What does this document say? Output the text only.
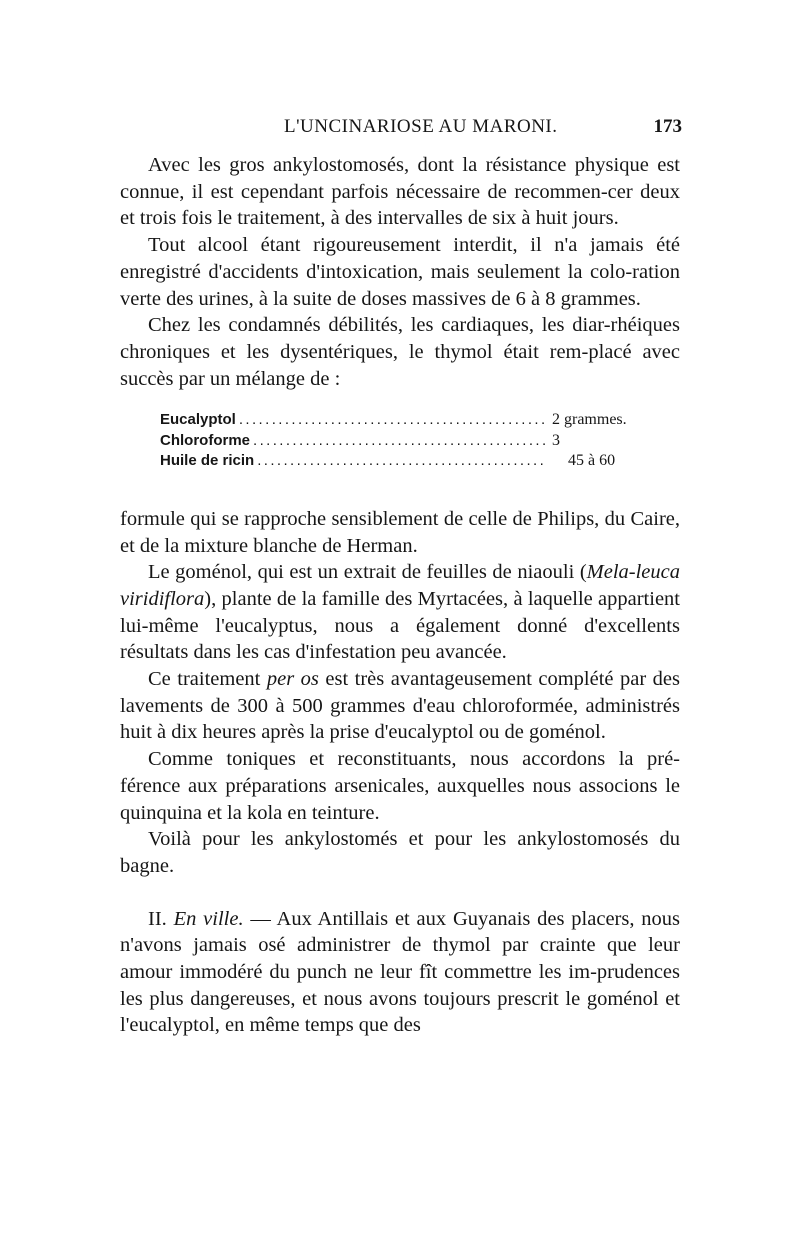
L'UNCINARIOSE AU MARONI.	173

Avec les gros ankylostomosés, dont la résistance physique est connue, il est cependant parfois nécessaire de recommen-cer deux et trois fois le traitement, à des intervalles de six à huit jours.

Tout alcool étant rigoureusement interdit, il n'a jamais été enregistré d'accidents d'intoxication, mais seulement la colo-ration verte des urines, à la suite de doses massives de 6 à 8 grammes.

Chez les condamnés débilités, les cardiaques, les diar-rhéiques chroniques et les dysentériques, le thymol était rem-placé avec succès par un mélange de :

Eucalyptol .....	2 grammes.
Chloroforme .....	3
Huile de ricin .....	45 à 60

formule qui se rapproche sensiblement de celle de Philips, du Caire, et de la mixture blanche de Herman.

Le goménol, qui est un extrait de feuilles de niaouli (Mela-leuca viridiflora), plante de la famille des Myrtacées, à laquelle appartient lui-même l'eucalyptus, nous a également donné d'excellents résultats dans les cas d'infestation peu avancée.

Ce traitement per os est très avantageusement complété par des lavements de 300 à 500 grammes d'eau chloroformée, administrés huit à dix heures après la prise d'eucalyptol ou de goménol.

Comme toniques et reconstituants, nous accordons la pré-férence aux préparations arsenicales, auxquelles nous associons le quinquina et la kola en teinture.

Voilà pour les ankylostomés et pour les ankylostomosés du bagne.

II. En ville. — Aux Antillais et aux Guyanais des placers, nous n'avons jamais osé administrer de thymol par crainte que leur amour immodéré du punch ne leur fît commettre les im-prudences les plus dangereuses, et nous avons toujours prescrit le goménol et l'eucalyptol, en même temps que des
